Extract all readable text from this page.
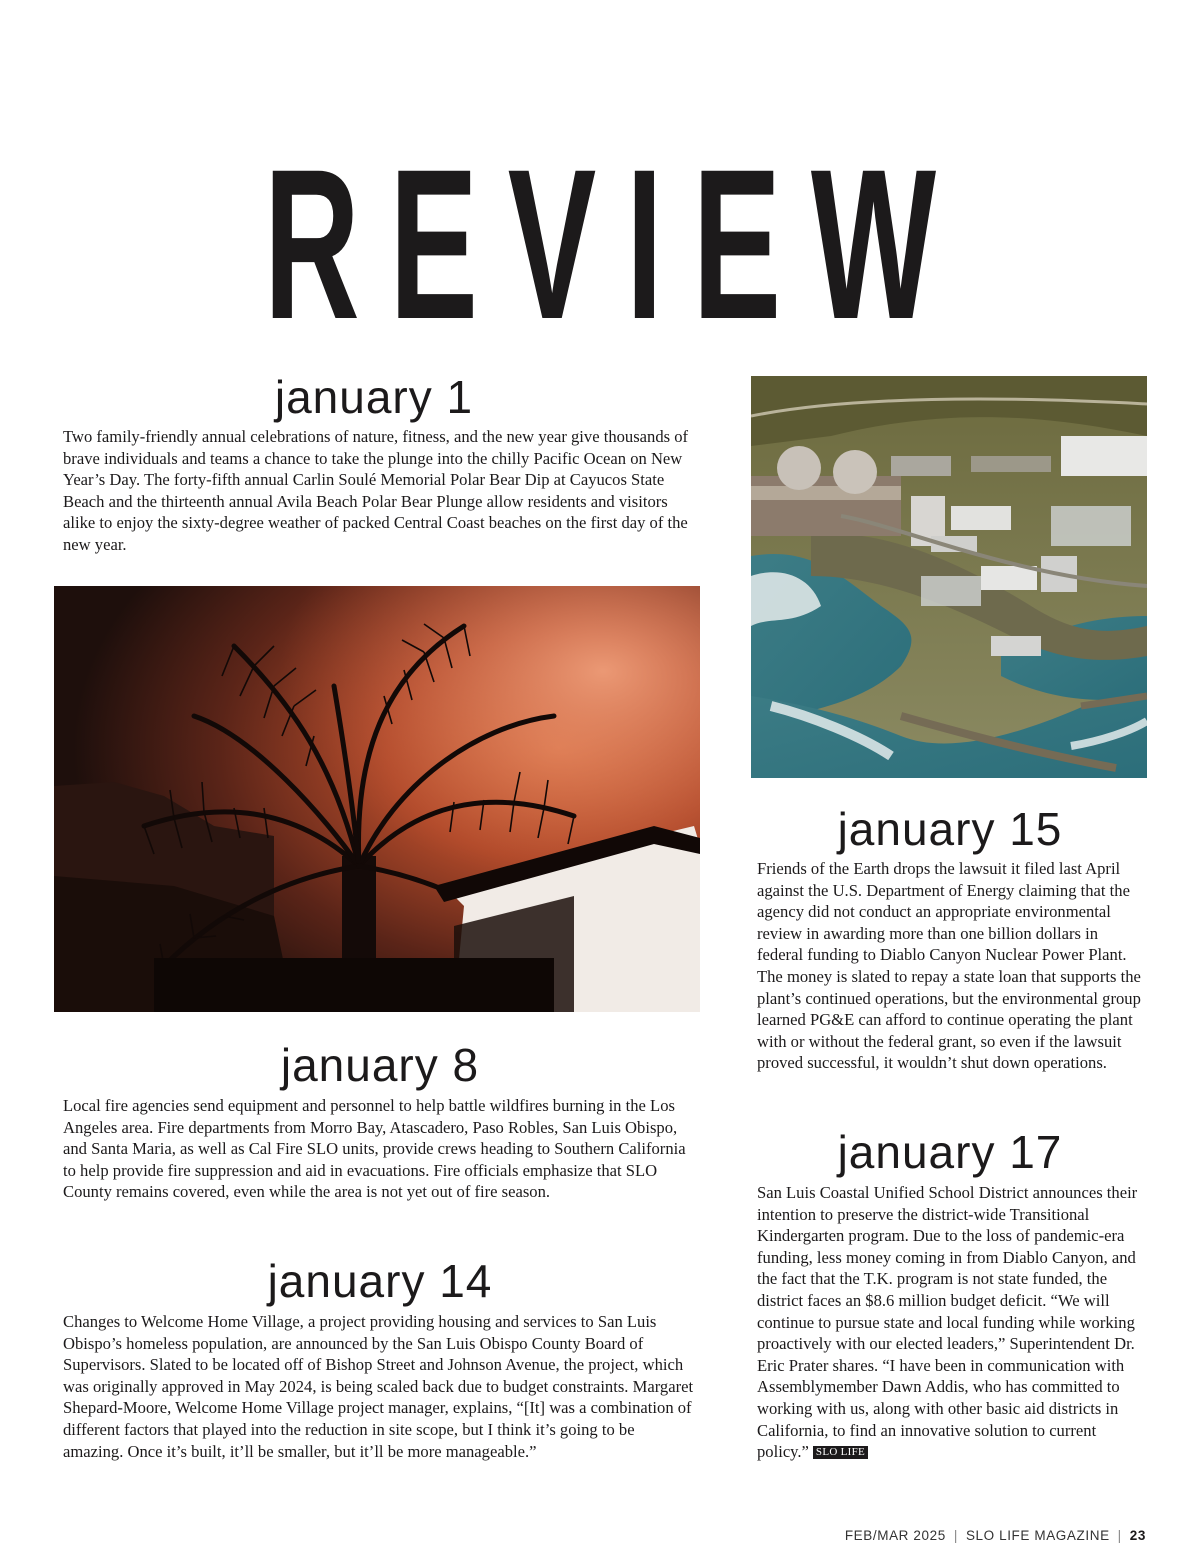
REVIEW
january 1
Two family-friendly annual celebrations of nature, fitness, and the new year give thousands of brave individuals and teams a chance to take the plunge into the chilly Pacific Ocean on New Year’s Day. The forty-fifth annual Carlin Soulé Memorial Polar Bear Dip at Cayucos State Beach and the thirteenth annual Avila Beach Polar Bear Plunge allow residents and visitors alike to enjoy the sixty-degree weather of packed Central Coast beaches on the first day of the new year.
january 8
Local fire agencies send equipment and personnel to help battle wildfires burning in the Los Angeles area. Fire departments from Morro Bay, Atascadero, Paso Robles, San Luis Obispo, and Santa Maria, as well as Cal Fire SLO units, provide crews heading to Southern California to help provide fire suppression and aid in evacuations. Fire officials emphasize that SLO County remains covered, even while the area is not yet out of fire season.
january 14
Changes to Welcome Home Village, a project providing housing and services to San Luis Obispo’s homeless population, are announced by the San Luis Obispo County Board of Supervisors. Slated to be located off of Bishop Street and Johnson Avenue, the project, which was originally approved in May 2024, is being scaled back due to budget constraints. Margaret Shepard-Moore, Welcome Home Village project manager, explains, “[It] was a combination of different factors that played into the reduction in site scope, but I think it’s going to be amazing. Once it’s built, it’ll be smaller, but it’ll be more manageable.”
january 15
Friends of the Earth drops the lawsuit it filed last April against the U.S. Department of Energy claiming that the agency did not conduct an appropriate environmental review in awarding more than one billion dollars in federal funding to Diablo Canyon Nuclear Power Plant. The money is slated to repay a state loan that supports the plant’s continued operations, but the environmental group learned PG&E can afford to continue operating the plant with or without the federal grant, so even if the lawsuit proved successful, it wouldn’t shut down operations.
january 17
San Luis Coastal Unified School District announces their intention to preserve the district-wide Transitional Kindergarten program. Due to the loss of pandemic-era funding, less money coming in from Diablo Canyon, and the fact that the T.K. program is not state funded, the district faces an $8.6 million budget deficit. “We will continue to pursue state and local funding while working proactively with our elected leaders,” Superintendent Dr. Eric Prater shares. “I have been in communication with Assemblymember Dawn Addis, who has committed to working with us, along with other basic aid districts in California, to find an innovative solution to current policy.” SLO LIFE
FEB/MAR 2025 | SLO LIFE MAGAZINE | 23
